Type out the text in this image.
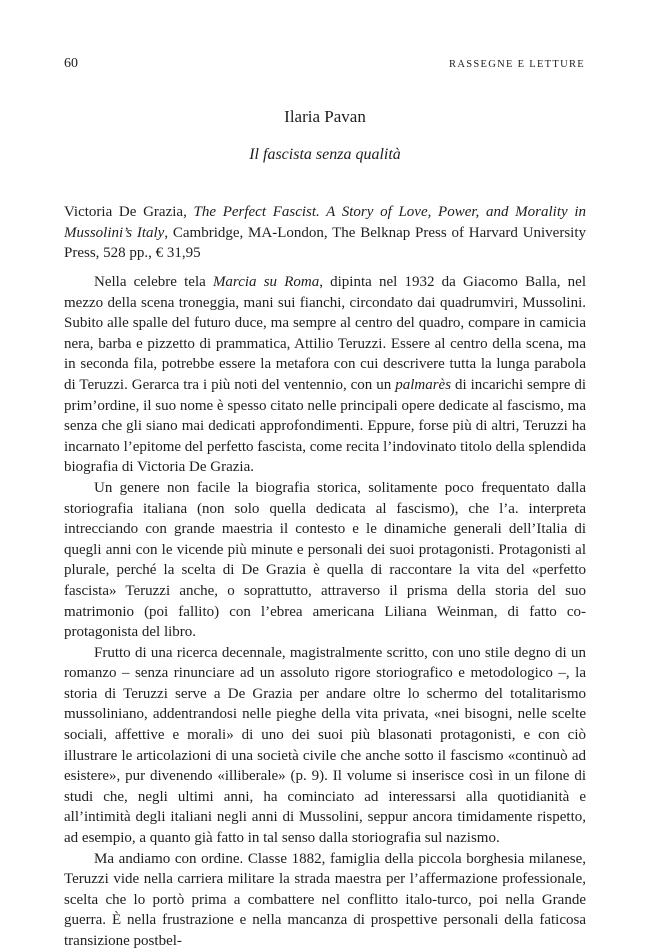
60	RASSEGNE E LETTURE
Ilaria Pavan
Il fascista senza qualità
Victoria De Grazia, The Perfect Fascist. A Story of Love, Power, and Morality in Mussolini’s Italy, Cambridge, MA-London, The Belknap Press of Harvard University Press, 528 pp., € 31,95

Nella celebre tela Marcia su Roma, dipinta nel 1932 da Giacomo Balla, nel mezzo della scena troneggia, mani sui fianchi, circondato dai quadrumviri, Mussolini. Subito alle spalle del futuro duce, ma sempre al centro del quadro, compare in camicia nera, barba e pizzetto di prammatica, Attilio Teruzzi. Essere al centro della scena, ma in seconda fila, potrebbe essere la metafora con cui descrivere tutta la lunga parabola di Teruzzi. Gerarca tra i più noti del ventennio, con un palmarès di incarichi sempre di prim’ordine, il suo nome è spesso citato nelle principali opere dedicate al fascismo, ma senza che gli siano mai dedicati approfondimenti. Eppure, forse più di altri, Teruzzi ha incarnato l’epitome del perfetto fascista, come recita l’indovinato titolo della splendida biografia di Victoria De Grazia.

Un genere non facile la biografia storica, solitamente poco frequentato dalla storiografia italiana (non solo quella dedicata al fascismo), che l’a. interpreta intrecciando con grande maestria il contesto e le dinamiche generali dell’Italia di quegli anni con le vicende più minute e personali dei suoi protagonisti. Protagonisti al plurale, perché la scelta di De Grazia è quella di raccontare la vita del «perfetto fascista» Teruzzi anche, o soprattutto, attraverso il prisma della storia del suo matrimonio (poi fallito) con l’ebrea americana Liliana Weinman, di fatto co-protagonista del libro.

Frutto di una ricerca decennale, magistralmente scritto, con uno stile degno di un romanzo – senza rinunciare ad un assoluto rigore storiografico e metodologico –, la storia di Teruzzi serve a De Grazia per andare oltre lo schermo del totalitarismo mussoliniano, addentrandosi nelle pieghe della vita privata, «nei bisogni, nelle scelte sociali, affettive e morali» di uno dei suoi più blasonati protagonisti, e con ciò illustrare le articolazioni di una società civile che anche sotto il fascismo «continuò ad esistere», pur divenendo «illiberale» (p. 9). Il volume si inserisce così in un filone di studi che, negli ultimi anni, ha cominciato ad interessarsi alla quotidianità e all’intimità degli italiani negli anni di Mussolini, seppur ancora timidamente rispetto, ad esempio, a quanto già fatto in tal senso dalla storiografia sul nazismo.

Ma andiamo con ordine. Classe 1882, famiglia della piccola borghesia milanese, Teruzzi vide nella carriera militare la strada maestra per l’affermazione professionale, scelta che lo portò prima a combattere nel conflitto italo-turco, poi nella Grande guerra. È nella frustrazione e nella mancanza di prospettive personali della faticosa transizione postbel-
